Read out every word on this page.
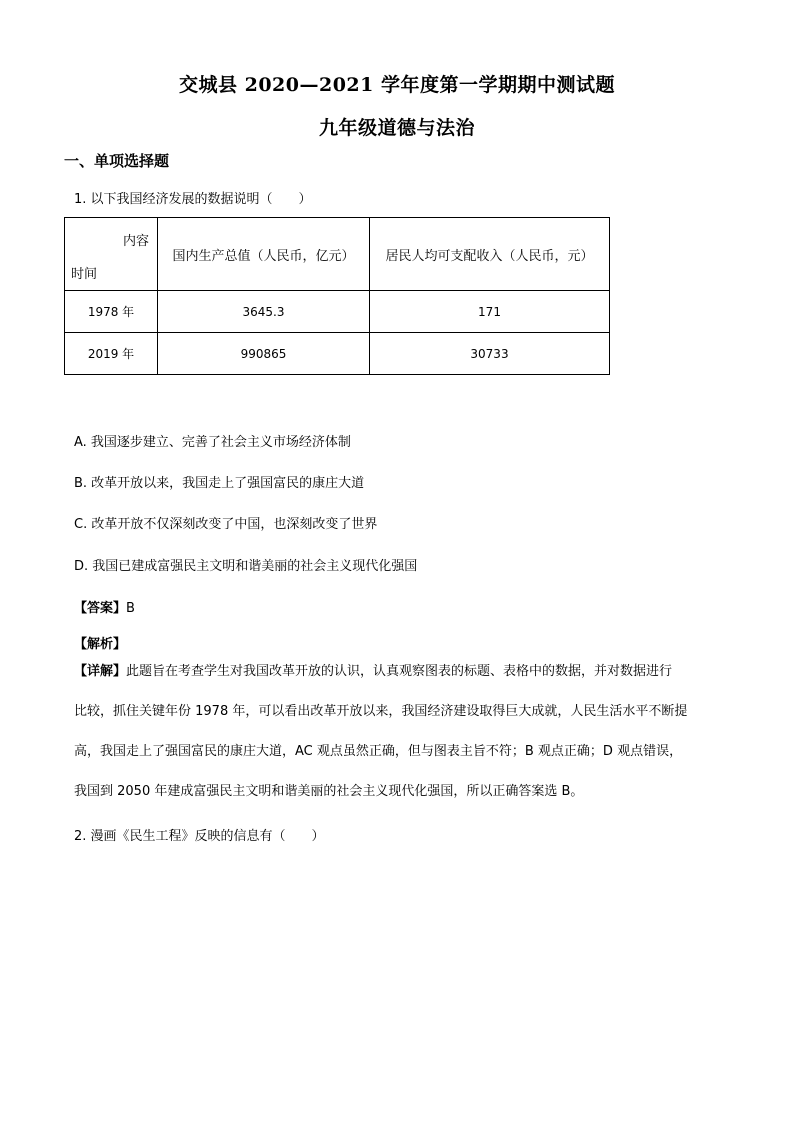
交城县 2020—2021 学年度第一学期期中测试题
九年级道德与法治
一、单项选择题
1. 以下我国经济发展的数据说明（　　）
内容
时间	国内生产总值（人民币，亿元）	居民人均可支配收入（人民币，元）
1978 年	3645.3	171
2019 年	990865	30733
A. 我国逐步建立、完善了社会主义市场经济体制
B. 改革开放以来，我国走上了强国富民的康庄大道
C. 改革开放不仅深刻改变了中国，也深刻改变了世界
D. 我国已建成富强民主文明和谐美丽的社会主义现代化强国
【答案】B
【解析】
【详解】此题旨在考查学生对我国改革开放的认识，认真观察图表的标题、表格中的数据，并对数据进行
比较，抓住关键年份 1978 年，可以看出改革开放以来，我国经济建设取得巨大成就，人民生活水平不断提
高，我国走上了强国富民的康庄大道，AC 观点虽然正确，但与图表主旨不符；B 观点正确；D 观点错误，
我国到 2050 年建成富强民主文明和谐美丽的社会主义现代化强国，所以正确答案选 B。
2. 漫画《民生工程》反映的信息有（　　）
